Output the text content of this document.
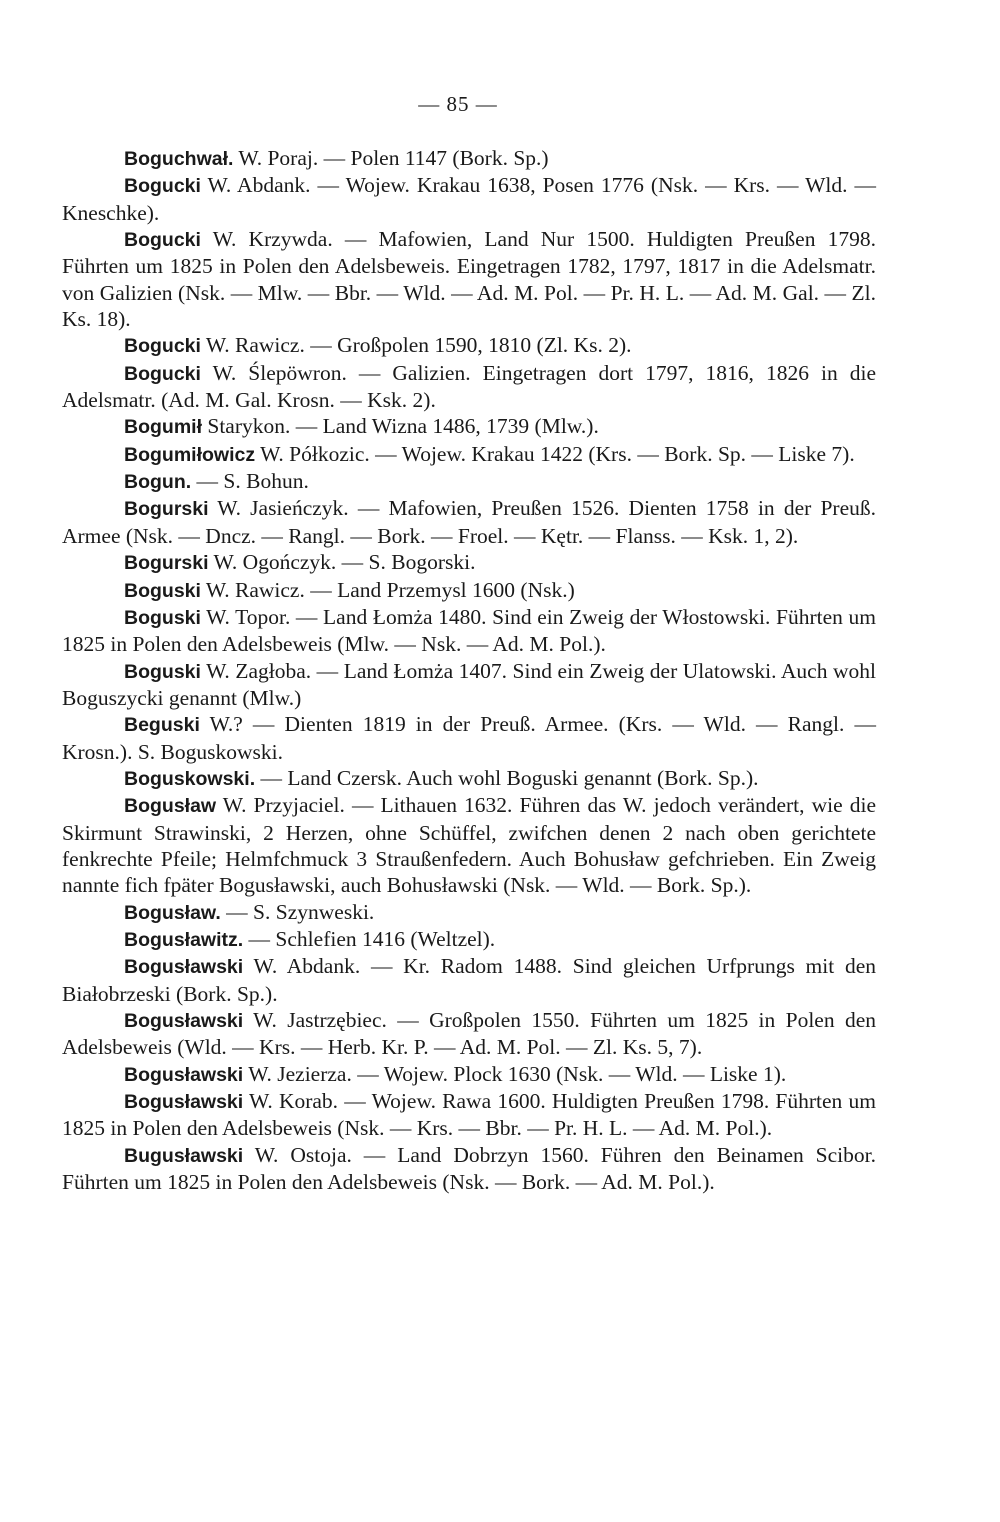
— 85 —

Boguchwał. W. Poraj. — Polen 1147 (Bork. Sp.)

Bogucki W. Abdank. — Wojew. Krakau 1638, Posen 1776 (Nsk. — Krs. — Wld. — Kneschke).

Bogucki W. Krzywda. — Mafowien, Land Nur 1500. Huldigten Preußen 1798. Führten um 1825 in Polen den Adelsbeweis. Eingetragen 1782, 1797, 1817 in die Adelsmatr. von Galizien (Nsk. — Mlw. — Bbr. — Wld. — Ad. M. Pol. — Pr. H. L. — Ad. M. Gal. — Zl. Ks. 18).

Bogucki W. Rawicz. — Großpolen 1590, 1810 (Zl. Ks. 2).

Bogucki W. Ślepöwron. — Galizien. Eingetragen dort 1797, 1816, 1826 in die Adelsmatr. (Ad. M. Gal. Krosn. — Ksk. 2).

Bogumił Starykon. — Land Wizna 1486, 1739 (Mlw.).

Bogumiłowicz W. Półkozic. — Wojew. Krakau 1422 (Krs. — Bork. Sp. — Liske 7).

Bogun. — S. Bohun.

Bogurski W. Jasieńczyk. — Mafowien, Preußen 1526. Dienten 1758 in der Preuß. Armee (Nsk. — Dncz. — Rangl. — Bork. — Froel. — Kętr. — Flanss. — Ksk. 1, 2).

Bogurski W. Ogończyk. — S. Bogorski.

Boguski W. Rawicz. — Land Przemysl 1600 (Nsk.)

Boguski W. Topor. — Land Łomża 1480. Sind ein Zweig der Włostowski. Führten um 1825 in Polen den Adelsbeweis (Mlw. — Nsk. — Ad. M. Pol.).

Boguski W. Zagłoba. — Land Łomża 1407. Sind ein Zweig der Ulatowski. Auch wohl Boguszycki genannt (Mlw.)

Beguski W.? — Dienten 1819 in der Preuß. Armee. (Krs. — Wld. — Rangl. — Krosn.). S. Boguskowski.

Boguskowski. — Land Czersk. Auch wohl Boguski genannt (Bork. Sp.).

Bogusław W. Przyjaciel. — Lithauen 1632. Führen das W. jedoch verändert, wie die Skirmunt Strawinski, 2 Herzen, ohne Schüffel, zwifchen denen 2 nach oben gerichtete fenkrechte Pfeile; Helmfchmuck 3 Straußenfedern. Auch Bohusław gefchrieben. Ein Zweig nannte fich fpäter Bogusławski, auch Bohusławski (Nsk. — Wld. — Bork. Sp.).

Bogusław. — S. Szynweski.

Bogusławitz. — Schlefien 1416 (Weltzel).

Bogusławski W. Abdank. — Kr. Radom 1488. Sind gleichen Urfprungs mit den Białobrzeski (Bork. Sp.).

Bogusławski W. Jastrzębiec. — Großpolen 1550. Führten um 1825 in Polen den Adelsbeweis (Wld. — Krs. — Herb. Kr. P. — Ad. M. Pol. — Zl. Ks. 5, 7).

Bogusławski W. Jezierza. — Wojew. Plock 1630 (Nsk. — Wld. — Liske 1).

Bogusławski W. Korab. — Wojew. Rawa 1600. Huldigten Preußen 1798. Führten um 1825 in Polen den Adelsbeweis (Nsk. — Krs. — Bbr. — Pr. H. L. — Ad. M. Pol.).

Bugusławski W. Ostoja. — Land Dobrzyn 1560. Führen den Beinamen Scibor. Führten um 1825 in Polen den Adelsbeweis (Nsk. — Bork. — Ad. M. Pol.).
